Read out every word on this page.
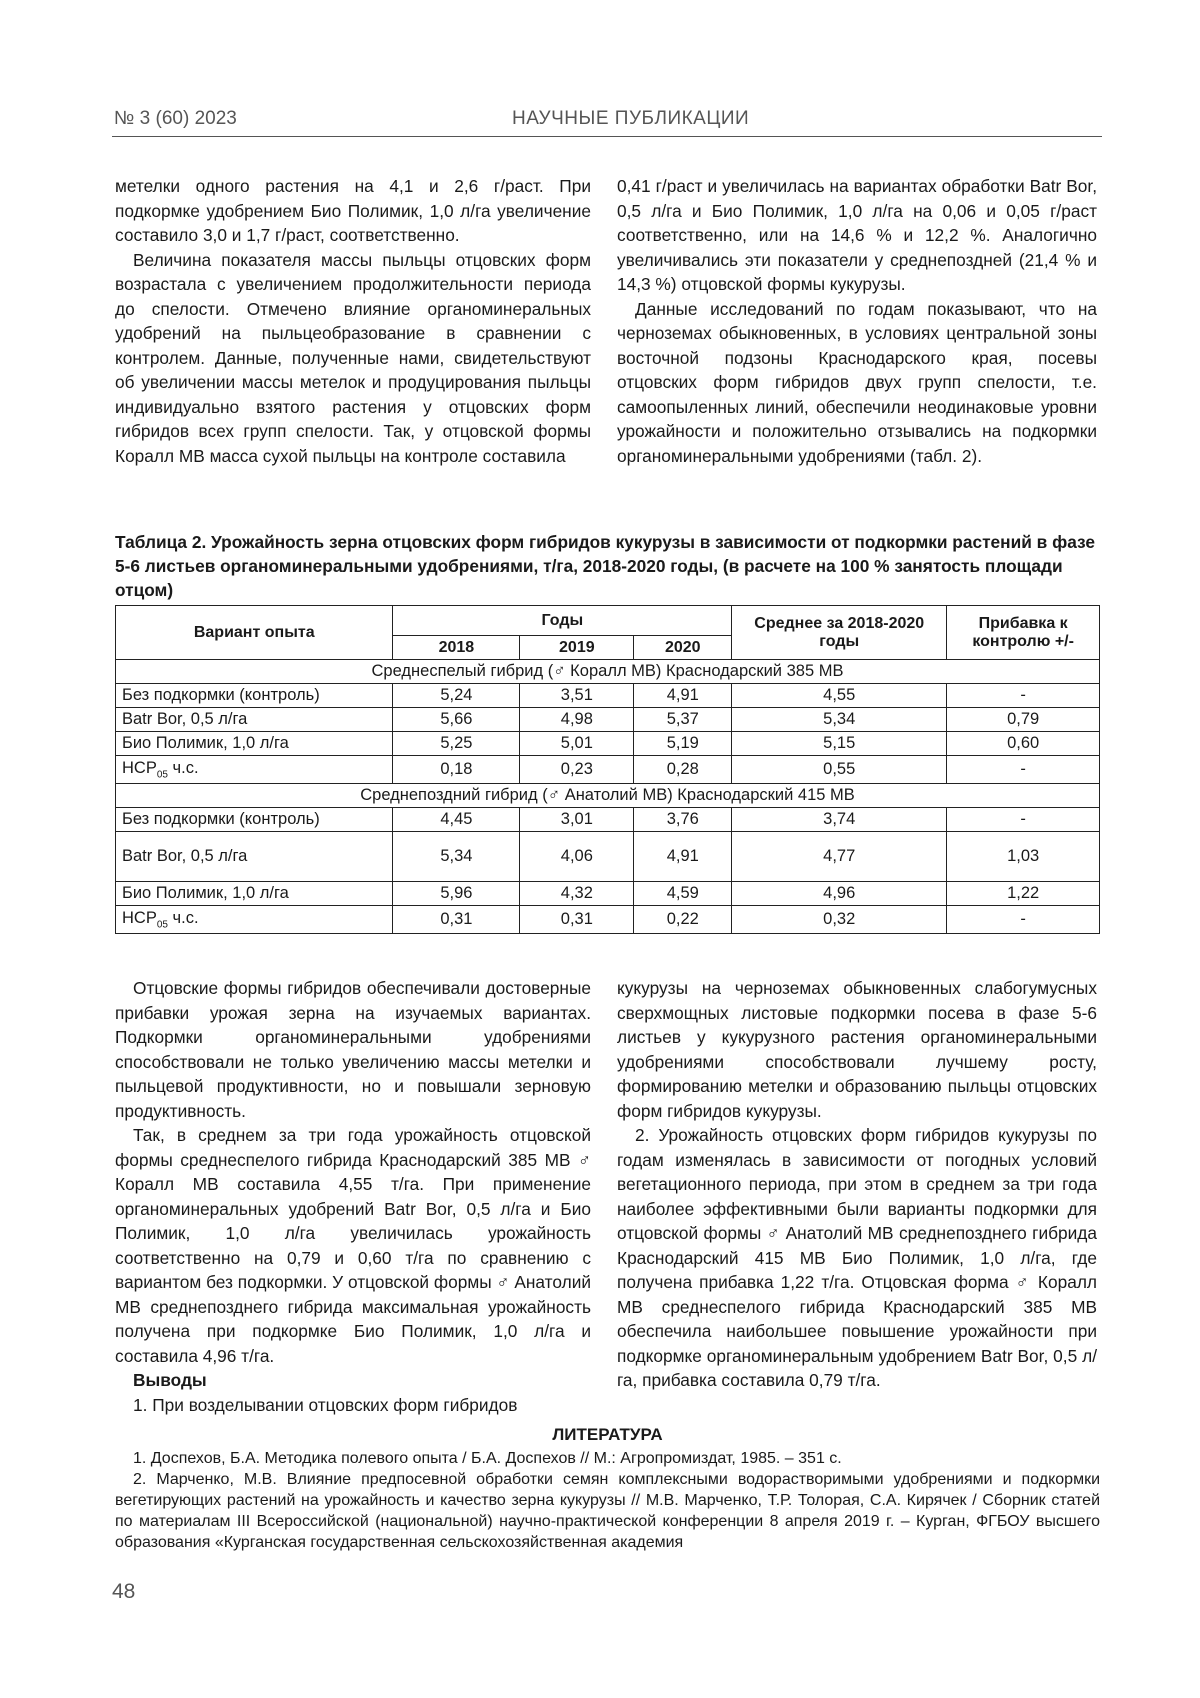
№ 3 (60) 2023	НАУЧНЫЕ ПУБЛИКАЦИИ

метелки одного растения на 4,1 и 2,6 г/раст. При подкормке удобрением Био Полимик, 1,0 л/га увеличение составило 3,0 и 1,7 г/раст, соответственно.

Величина показателя массы пыльцы отцовских форм возрастала с увеличением продолжительности периода до спелости. Отмечено влияние органоминеральных удобрений на пыльцеобразование в сравнении с контролем. Данные, полученные нами, свидетельствуют об увеличении массы метелок и продуцирования пыльцы индивидуально взятого растения у отцовских форм гибридов всех групп спелости. Так, у отцовской формы Коралл МВ масса сухой пыльцы на контроле составила

0,41 г/раст и увеличилась на вариантах обработки Batr Bor, 0,5 л/га и Био Полимик, 1,0 л/га на 0,06 и 0,05 г/раст соответственно, или на 14,6 % и 12,2 %. Аналогично увеличивались эти показатели у среднепоздней (21,4 % и 14,3 %) отцовской формы кукурузы.

Данные исследований по годам показывают, что на черноземах обыкновенных, в условиях центральной зоны восточной подзоны Краснодарского края, посевы отцовских форм гибридов двух групп спелости, т.е. самоопыленных линий, обеспечили неодинаковые уровни урожайности и положительно отзывались на подкормки органоминеральными удобрениями (табл. 2).

Таблица 2. Урожайность зерна отцовских форм гибридов кукурузы в зависимости от подкормки растений в фазе 5-6 листьев органоминеральными удобрениями, т/га, 2018-2020 годы, (в расчете на 100 % занятость площади отцом)
Вариант опыта	Годы			Среднее за 2018-2020 годы	Прибавка к контролю +/-
	2018	2019	2020		
Среднеспелый гибрид (♂ Коралл МВ) Краснодарский 385 МВ					
Без подкормки (контроль)	5,24	3,51	4,91	4,55	-
Batr Bor, 0,5 л/га	5,66	4,98	5,37	5,34	0,79
Био Полимик, 1,0 л/га	5,25	5,01	5,19	5,15	0,60
$НСР_{05}$ ч.с.	0,18	0,23	0,28	0,55	-
Среднепоздний гибрид (♂ Анатолий МВ) Краснодарский 415 МВ					
Без подкормки (контроль)	4,45	3,01	3,76	3,74	-
Batr Bor, 0,5 л/га	5,34	4,06	4,91	4,77	1,03
Био Полимик, 1,0 л/га	5,96	4,32	4,59	4,96	1,22
$НСР_{05}$ ч.с.	0,31	0,31	0,22	0,32	-

Отцовские формы гибридов обеспечивали достоверные прибавки урожая зерна на изучаемых вариантах. Подкормки органоминеральными удобрениями способствовали не только увеличению массы метелки и пыльцевой продуктивности, но и повышали зерновую продуктивность.

Так, в среднем за три года урожайность отцовской формы среднеспелого гибрида Краснодарский 385 МВ ♂ Коралл МВ составила 4,55 т/га. При применение органоминеральных удобрений Batr Bor, 0,5 л/га и Био Полимик, 1,0 л/га увеличилась урожайность соответственно на 0,79 и 0,60 т/га по сравнению с вариантом без подкормки. У отцовской формы ♂ Анатолий МВ среднепозднего гибрида максимальная урожайность получена при подкормке Био Полимик, 1,0 л/га и составила 4,96 т/га.

Выводы

1. При возделывании отцовских форм гибридов

кукурузы на черноземах обыкновенных слабогумусных сверхмощных листовые подкормки посева в фазе 5-6 листьев у кукурузного растения органоминеральными удобрениями способствовали лучшему росту, формированию метелки и образованию пыльцы отцовских форм гибридов кукурузы.

2. Урожайность отцовских форм гибридов кукурузы по годам изменялась в зависимости от погодных условий вегетационного периода, при этом в среднем за три года наиболее эффективными были варианты подкормки для отцовской формы ♂ Анатолий МВ среднепозднего гибрида Краснодарский 415 МВ Био Полимик, 1,0 л/га, где получена прибавка 1,22 т/га. Отцовская форма ♂ Коралл МВ среднеспелого гибрида Краснодарский 385 МВ обеспечила наибольшее повышение урожайности при подкормке органоминеральным удобрением Batr Bor, 0,5 л/га, прибавка составила 0,79 т/га.

ЛИТЕРАТУРА

1. Доспехов, Б.А. Методика полевого опыта / Б.А. Доспехов // М.: Агропромиздат, 1985. – 351 с.

2. Марченко, М.В. Влияние предпосевной обработки семян комплексными водорастворимыми удобрениями и подкормки вегетирующих растений на урожайность и качество зерна кукурузы // М.В. Марченко, Т.Р. Толорая, С.А. Кирячек / Сборник статей по материалам III Всероссийской (национальной) научно-практической конференции 8 апреля 2019 г. – Курган, ФГБОУ высшего образования «Курганская государственная сельскохозяйственная академия

48
